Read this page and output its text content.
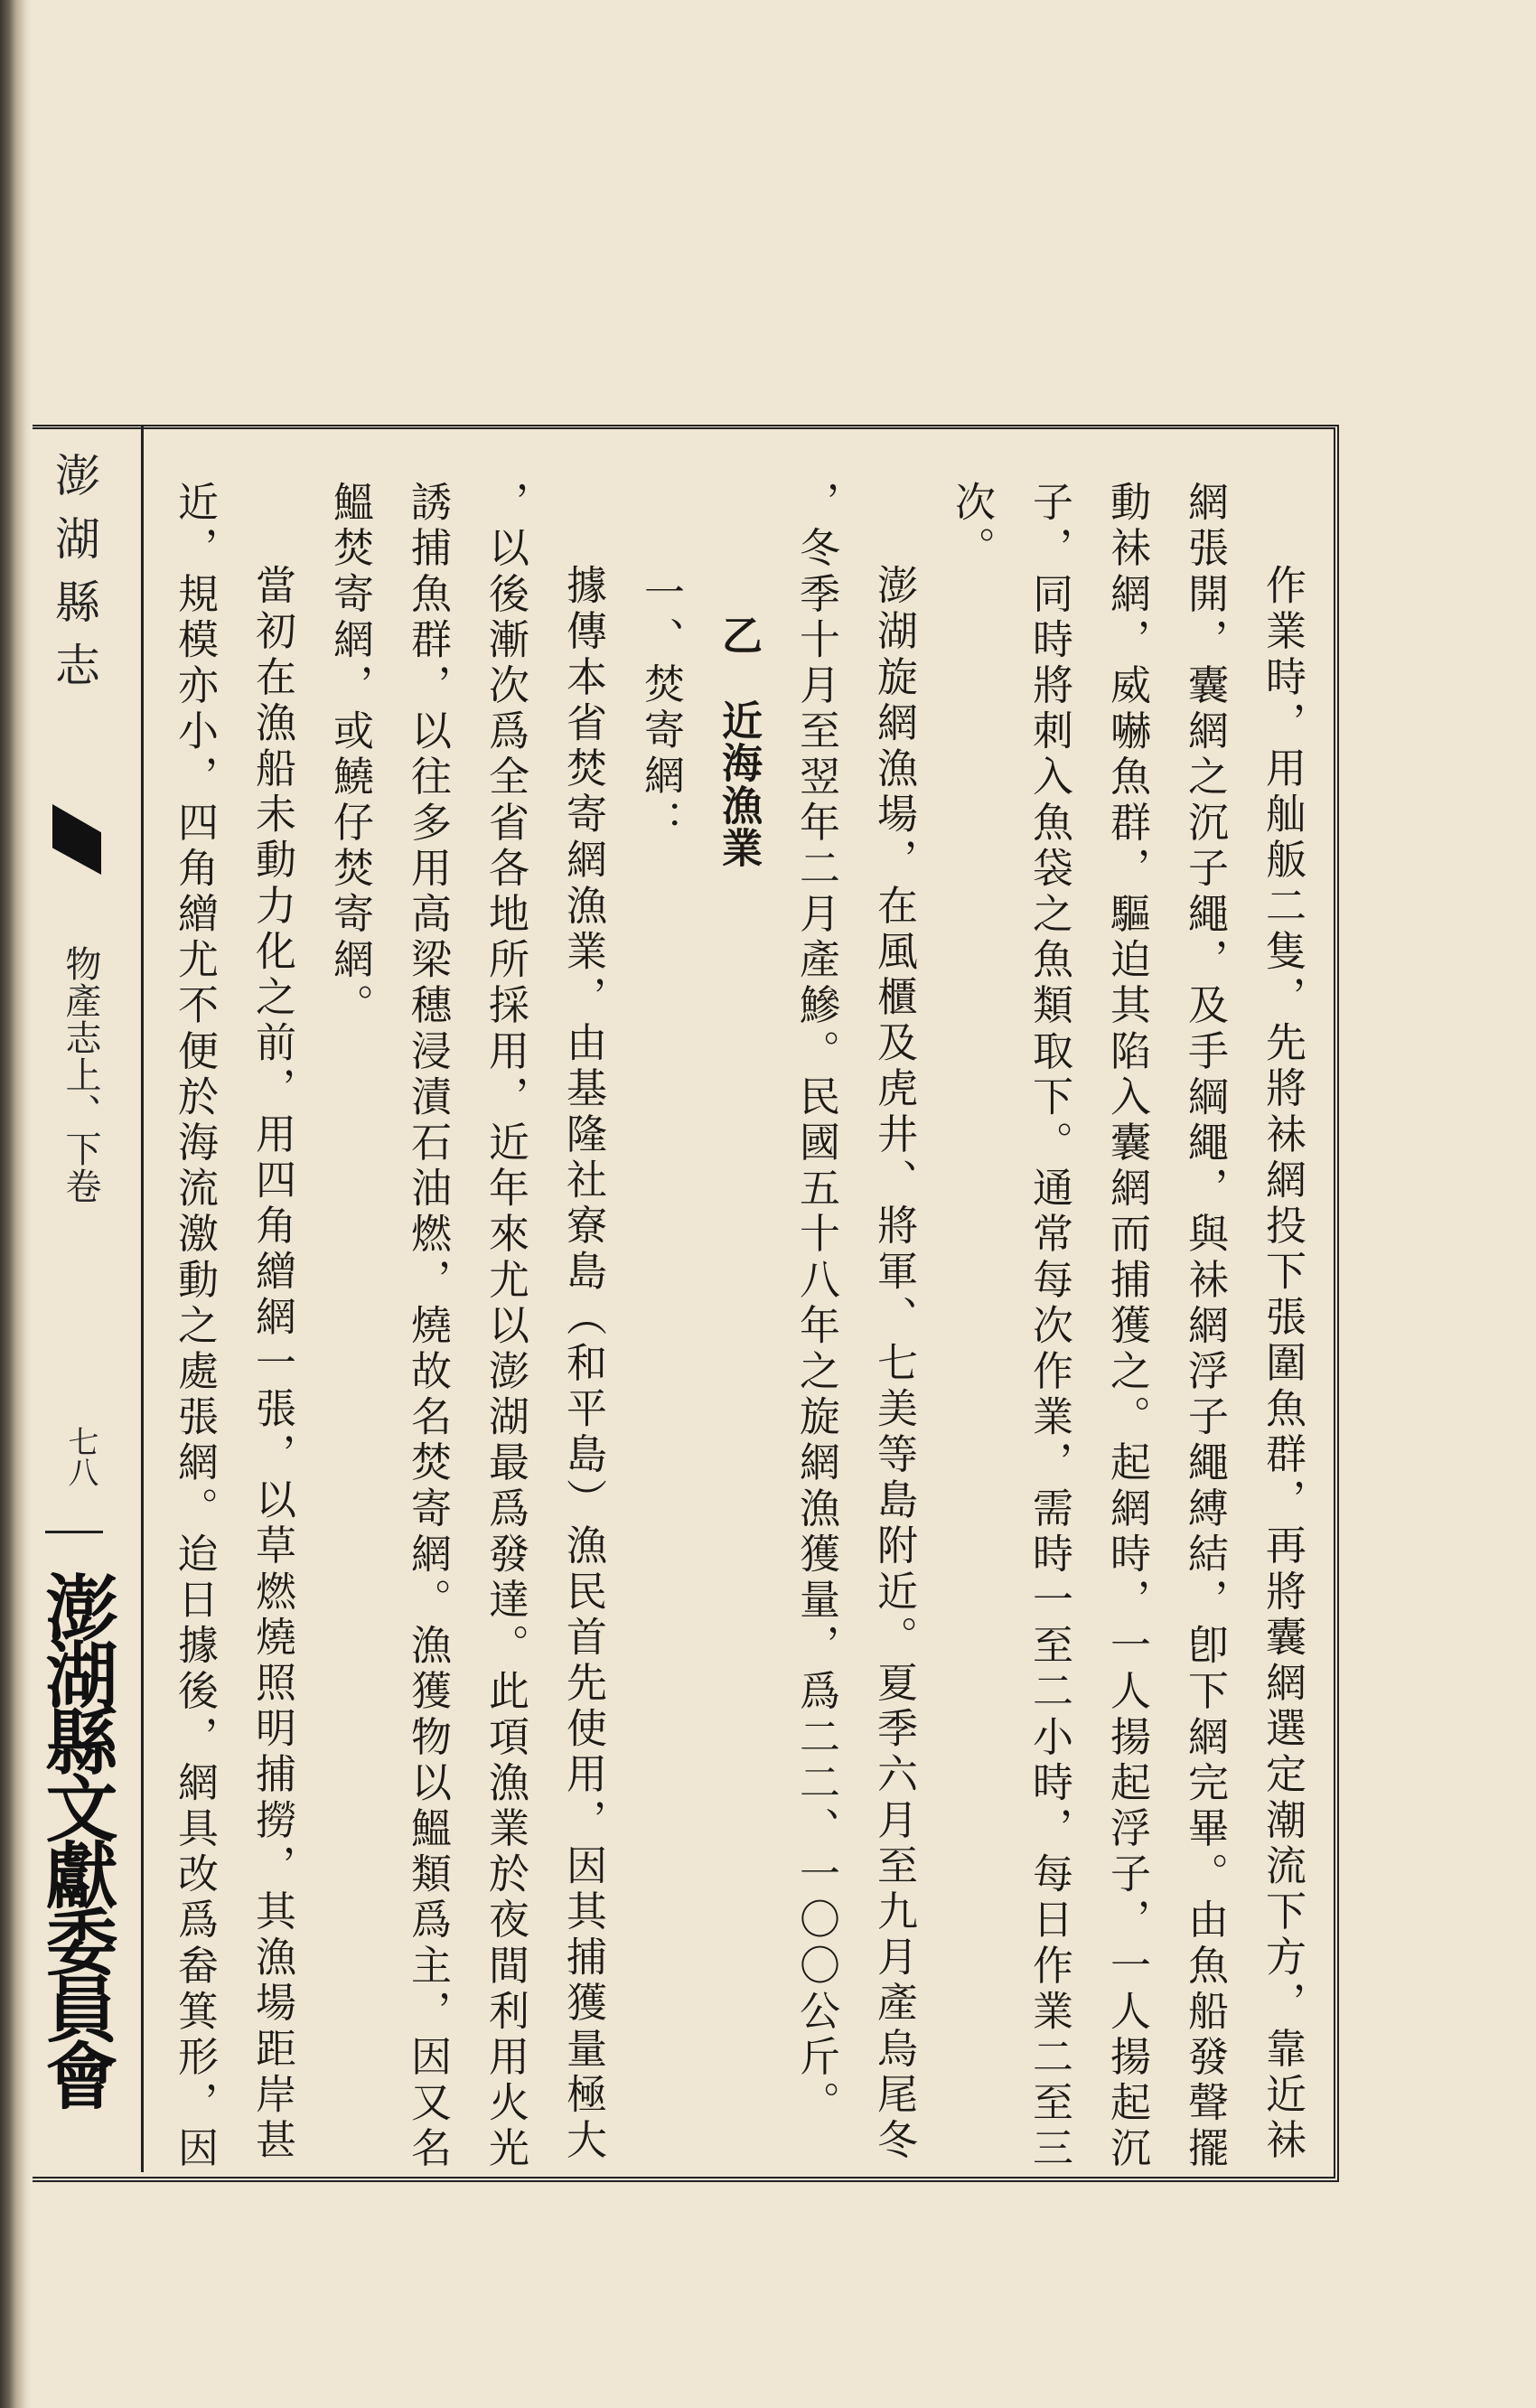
澎湖縣志
物產志上、下卷
七八
澎湖縣文獻委員會	作業時，用舢舨二隻，先將𧙕網投下張圍魚群，再將囊網選定潮流下方，靠近𧙕
網張開，囊網之沉子繩，及手綱繩，與𧙕網浮子繩縛結，卽下網完畢。由魚船發聲擺
動𧙕網，威嚇魚群，驅迫其陷入囊網而捕獲之。起網時，一人揚起浮子，一人揚起沉
子，同時將刺入魚袋之魚類取下。通常每次作業，需時一至二小時，每日作業二至三
次。
澎湖旋網漁場，在風櫃及虎井、將軍、七美等島附近。夏季六月至九月產烏尾冬
，冬季十月至翌年二月產鰺。民國五十八年之旋網漁獲量，爲二二、一〇〇公斤。
乙　近海漁業
一、焚寄網：
據傳本省焚寄網漁業，由基隆社寮島（和平島）漁民首先使用，因其捕獲量極大
，以後漸次爲全省各地所採用，近年來尤以澎湖最爲發達。此項漁業於夜間利用火光
誘捕魚群，以往多用高梁穗浸漬石油燃，燒故名焚寄網。漁獲物以鰮類爲主，因又名
鰮焚寄網，或鱙仔焚寄網。
當初在漁船未動力化之前，用四角繒網一張，以草燃燒照明捕撈，其漁場距岸甚
近，規模亦小，四角繒尤不便於海流激動之處張網。迨日據後，網具改爲畚箕形，因
